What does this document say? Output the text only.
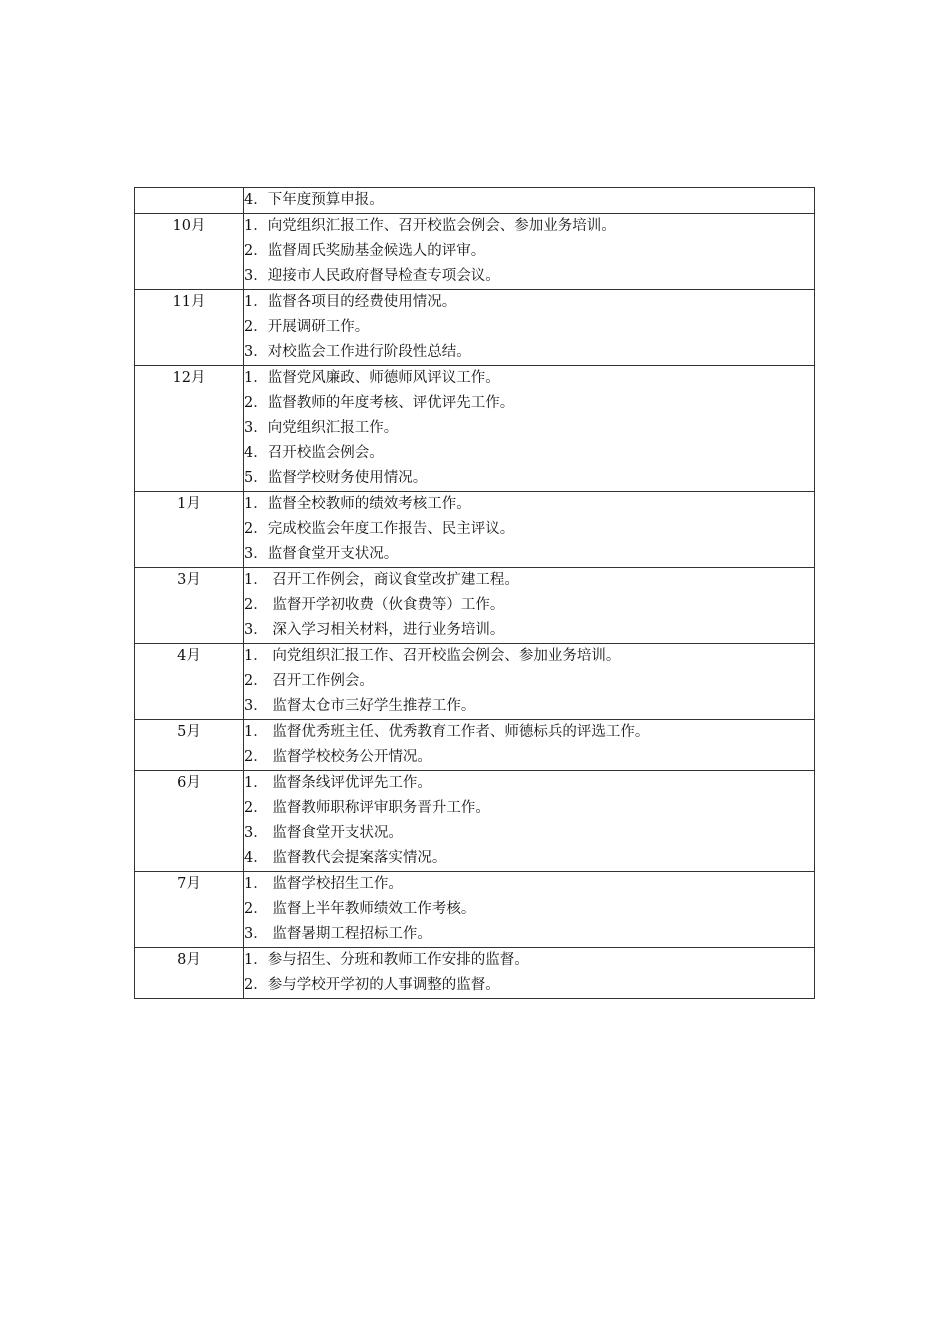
	4．下年度预算申报。

10月	1．向党组织汇报工作、召开校监会例会、参加业务培训。
2．监督周氏奖励基金候选人的评审。
3．迎接市人民政府督导检查专项会议。

11月	1．监督各项目的经费使用情况。
2．开展调研工作。
3．对校监会工作进行阶段性总结。

12月	1．监督党风廉政、师德师风评议工作。
2．监督教师的年度考核、评优评先工作。
3．向党组织汇报工作。
4．召开校监会例会。
5．监督学校财务使用情况。

1月	1．监督全校教师的绩效考核工作。
2．完成校监会年度工作报告、民主评议。
3．监督食堂开支状况。

3月	1． 召开工作例会，商议食堂改扩建工程。
2． 监督开学初收费（伙食费等）工作。
3． 深入学习相关材料，进行业务培训。

4月	1． 向党组织汇报工作、召开校监会例会、参加业务培训。
2． 召开工作例会。
3． 监督太仓市三好学生推荐工作。

5月	1． 监督优秀班主任、优秀教育工作者、师德标兵的评选工作。
2． 监督学校校务公开情况。

6月	1． 监督条线评优评先工作。
2． 监督教师职称评审职务晋升工作。
3． 监督食堂开支状况。
4． 监督教代会提案落实情况。

7月	1． 监督学校招生工作。
2． 监督上半年教师绩效工作考核。
3． 监督暑期工程招标工作。

8月	1．参与招生、分班和教师工作安排的监督。
2．参与学校开学初的人事调整的监督。
